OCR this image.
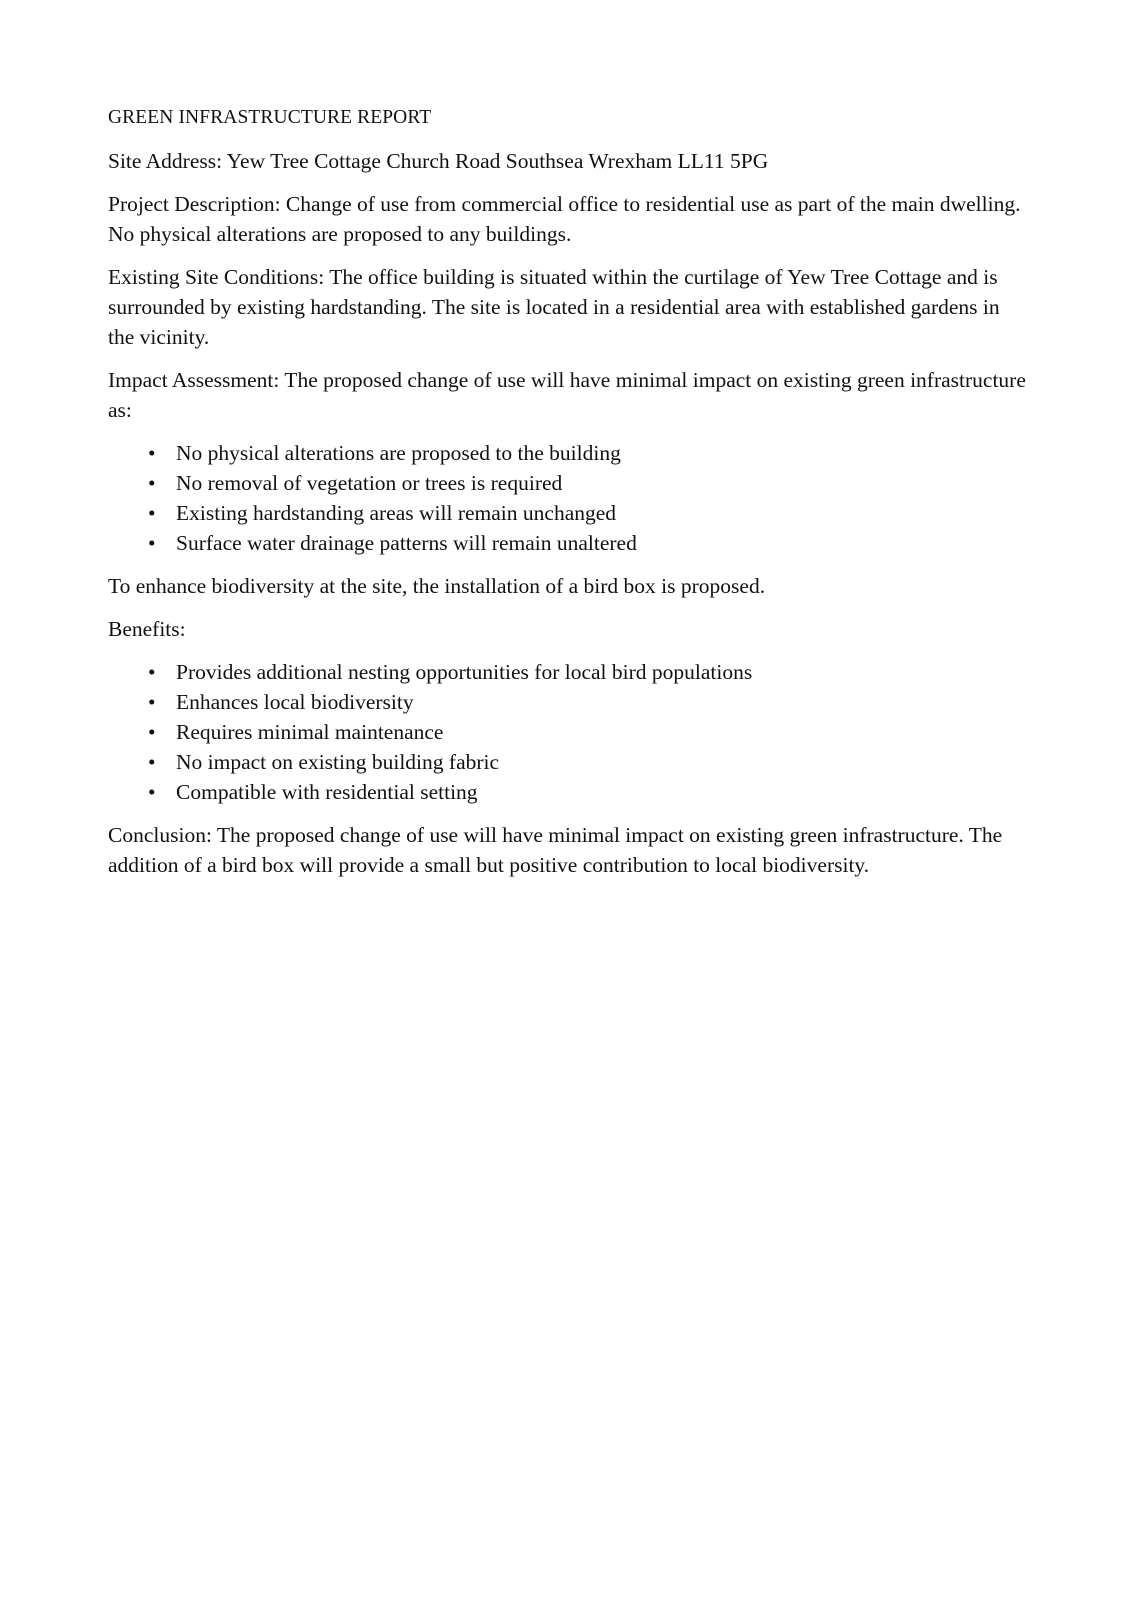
GREEN INFRASTRUCTURE REPORT

Site Address: Yew Tree Cottage Church Road Southsea Wrexham LL11 5PG

Project Description: Change of use from commercial office to residential use as part of the main dwelling. No physical alterations are proposed to any buildings.

Existing Site Conditions: The office building is situated within the curtilage of Yew Tree Cottage and is surrounded by existing hardstanding. The site is located in a residential area with established gardens in the vicinity.

Impact Assessment: The proposed change of use will have minimal impact on existing green infrastructure as:

• No physical alterations are proposed to the building
• No removal of vegetation or trees is required
• Existing hardstanding areas will remain unchanged
• Surface water drainage patterns will remain unaltered

To enhance biodiversity at the site, the installation of a bird box is proposed.

Benefits:

• Provides additional nesting opportunities for local bird populations
• Enhances local biodiversity
• Requires minimal maintenance
• No impact on existing building fabric
• Compatible with residential setting

Conclusion: The proposed change of use will have minimal impact on existing green infrastructure. The addition of a bird box will provide a small but positive contribution to local biodiversity.
